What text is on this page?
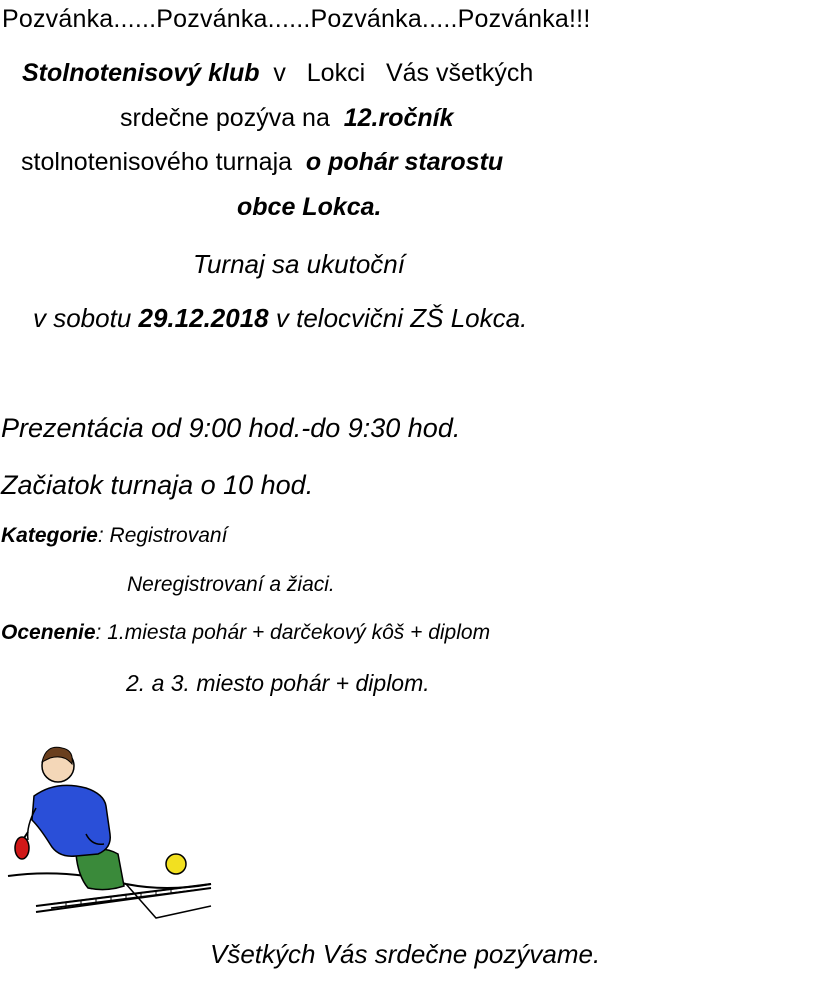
Pozvánka......Pozvánka......Pozvánka.....Pozvánka!!!
Stolnotenisový klub  v   Lokci   Vás všetkých
srdečne pozýva na  12.ročník
stolnotenisového turnaja  o pohár starostu
obce Lokca.
Turnaj sa ukutoční
v sobotu 29.12.2018 v telocvični ZŠ Lokca.
Prezentácia od 9:00 hod.-do 9:30 hod.
Začiatok turnaja o 10 hod.
Kategorie: Registrovaní
Neregistrovaní a žiaci.
Ocenenie: 1.miesta pohár + darčekový kôš + diplom
2. a 3. miesto pohár + diplom.
Všetkých Vás srdečne pozývame.
